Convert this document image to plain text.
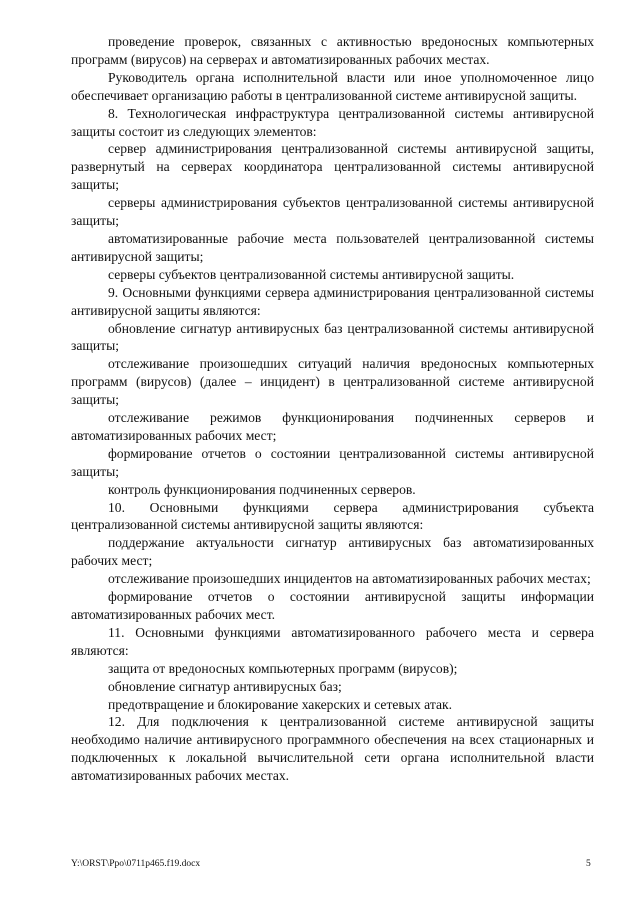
проведение проверок, связанных с активностью вредоносных компьютерных программ (вирусов) на серверах и автоматизированных рабочих местах.

Руководитель органа исполнительной власти или иное уполномоченное лицо обеспечивает организацию работы в централизованной системе антивирусной защиты.

8. Технологическая инфраструктура централизованной системы антивирусной защиты состоит из следующих элементов:

сервер администрирования централизованной системы антивирусной защиты, развернутый на серверах координатора централизованной системы антивирусной защиты;

серверы администрирования субъектов централизованной системы антивирусной защиты;

автоматизированные рабочие места пользователей централизованной системы антивирусной защиты;

серверы субъектов централизованной системы антивирусной защиты.

9. Основными функциями сервера администрирования централизованной системы антивирусной защиты являются:

обновление сигнатур антивирусных баз централизованной системы антивирусной защиты;

отслеживание произошедших ситуаций наличия вредоносных компьютерных программ (вирусов) (далее – инцидент) в централизованной системе антивирусной защиты;

отслеживание режимов функционирования подчиненных серверов и автоматизированных рабочих мест;

формирование отчетов о состоянии централизованной системы антивирусной защиты;

контроль функционирования подчиненных серверов.

10. Основными функциями сервера администрирования субъекта централизованной системы антивирусной защиты являются:

поддержание актуальности сигнатур антивирусных баз автоматизированных рабочих мест;

отслеживание произошедших инцидентов на автоматизированных рабочих местах;

формирование отчетов о состоянии антивирусной защиты информации автоматизированных рабочих мест.

11. Основными функциями автоматизированного рабочего места и сервера являются:

защита от вредоносных компьютерных программ (вирусов);

обновление сигнатур антивирусных баз;

предотвращение и блокирование хакерских и сетевых атак.

12. Для подключения к централизованной системе антивирусной защиты необходимо наличие антивирусного программного обеспечения на всех стационарных и подключенных к локальной вычислительной сети органа исполнительной власти автоматизированных рабочих местах.

Y:\ORST\Ppo\0711p465.f19.docx	5
